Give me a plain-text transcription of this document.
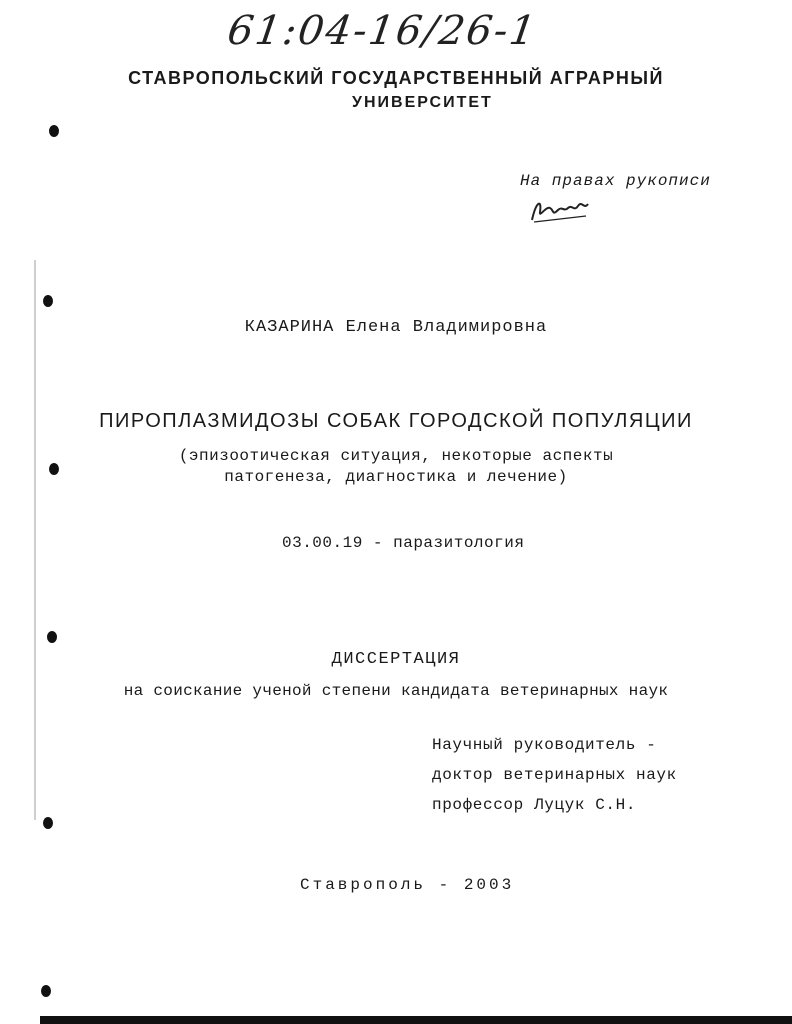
61:04-16/26-1
СТАВРОПОЛЬСКИЙ ГОСУДАРСТВЕННЫЙ АГРАРНЫЙ
УНИВЕРСИТЕТ
На правах рукописи
КАЗАРИНА Елена Владимировна
ПИРОПЛАЗМИДОЗЫ СОБАК ГОРОДСКОЙ ПОПУЛЯЦИИ
(эпизоотическая ситуация, некоторые аспекты
патогенеза, диагностика и лечение)
03.00.19 - паразитология
ДИССЕРТАЦИЯ
на соискание ученой степени кандидата ветеринарных наук
Научный руководитель -
доктор ветеринарных наук
профессор Луцук С.Н.
Ставрополь - 2003
